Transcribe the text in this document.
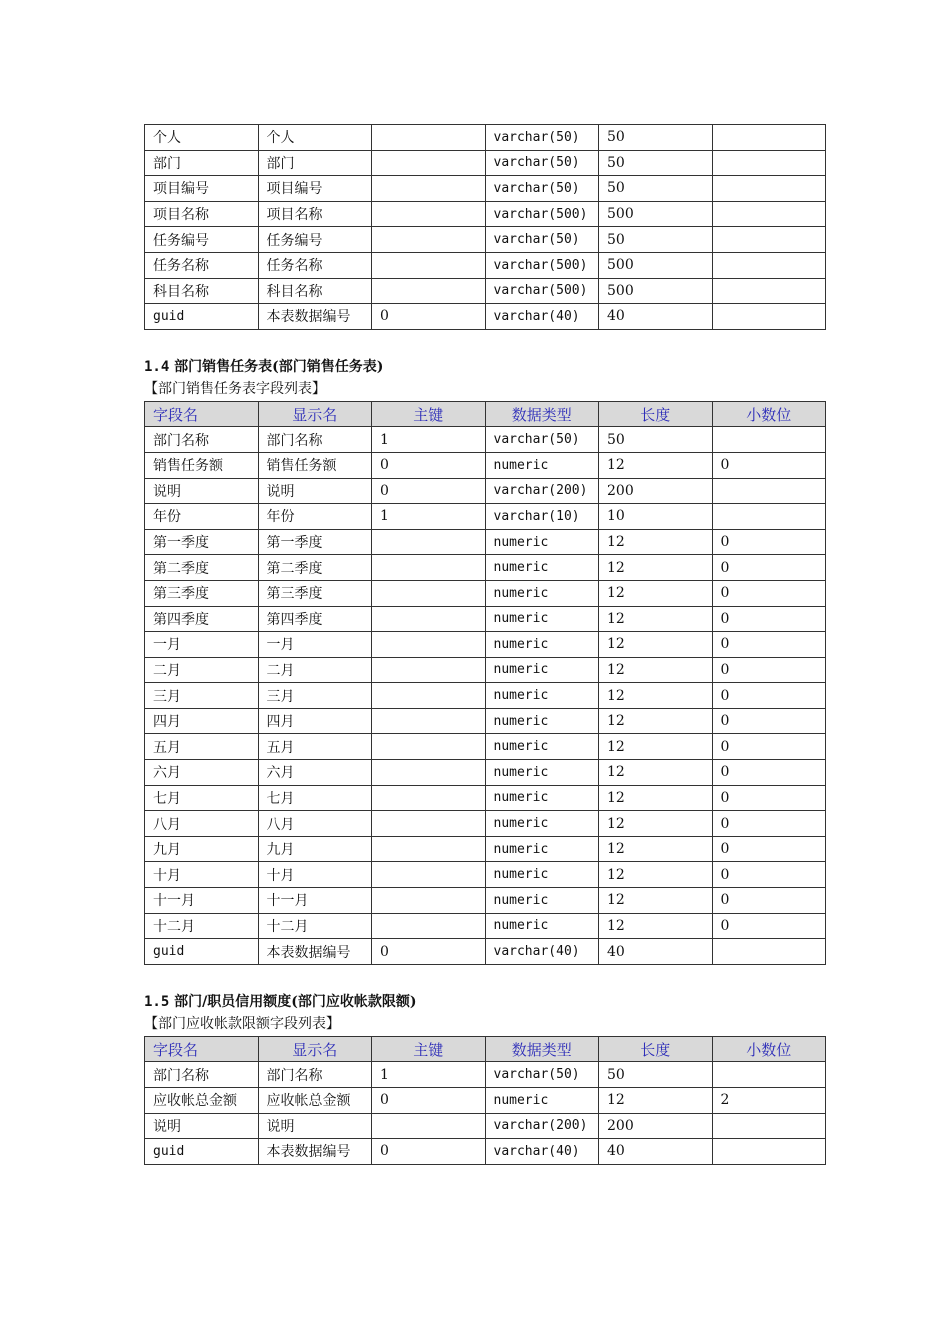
个人	个人		varchar(50)	50	
部门	部门		varchar(50)	50	
项目编号	项目编号		varchar(50)	50	
项目名称	项目名称		varchar(500)	500	
任务编号	任务编号		varchar(50)	50	
任务名称	任务名称		varchar(500)	500	
科目名称	科目名称		varchar(500)	500	
guid	本表数据编号	0	varchar(40)	40	
1.4 部门销售任务表(部门销售任务表)
【部门销售任务表字段列表】
字段名	显示名	主键	数据类型	长度	小数位
部门名称	部门名称	1	varchar(50)	50	
销售任务额	销售任务额	0	numeric	12	0
说明	说明	0	varchar(200)	200	
年份	年份	1	varchar(10)	10	
第一季度	第一季度		numeric	12	0
第二季度	第二季度		numeric	12	0
第三季度	第三季度		numeric	12	0
第四季度	第四季度		numeric	12	0
一月	一月		numeric	12	0
二月	二月		numeric	12	0
三月	三月		numeric	12	0
四月	四月		numeric	12	0
五月	五月		numeric	12	0
六月	六月		numeric	12	0
七月	七月		numeric	12	0
八月	八月		numeric	12	0
九月	九月		numeric	12	0
十月	十月		numeric	12	0
十一月	十一月		numeric	12	0
十二月	十二月		numeric	12	0
guid	本表数据编号	0	varchar(40)	40	
1.5 部门/职员信用额度(部门应收帐款限额)
【部门应收帐款限额字段列表】
字段名	显示名	主键	数据类型	长度	小数位
部门名称	部门名称	1	varchar(50)	50	
应收帐总金额	应收帐总金额	0	numeric	12	2
说明	说明		varchar(200)	200	
guid	本表数据编号	0	varchar(40)	40	
